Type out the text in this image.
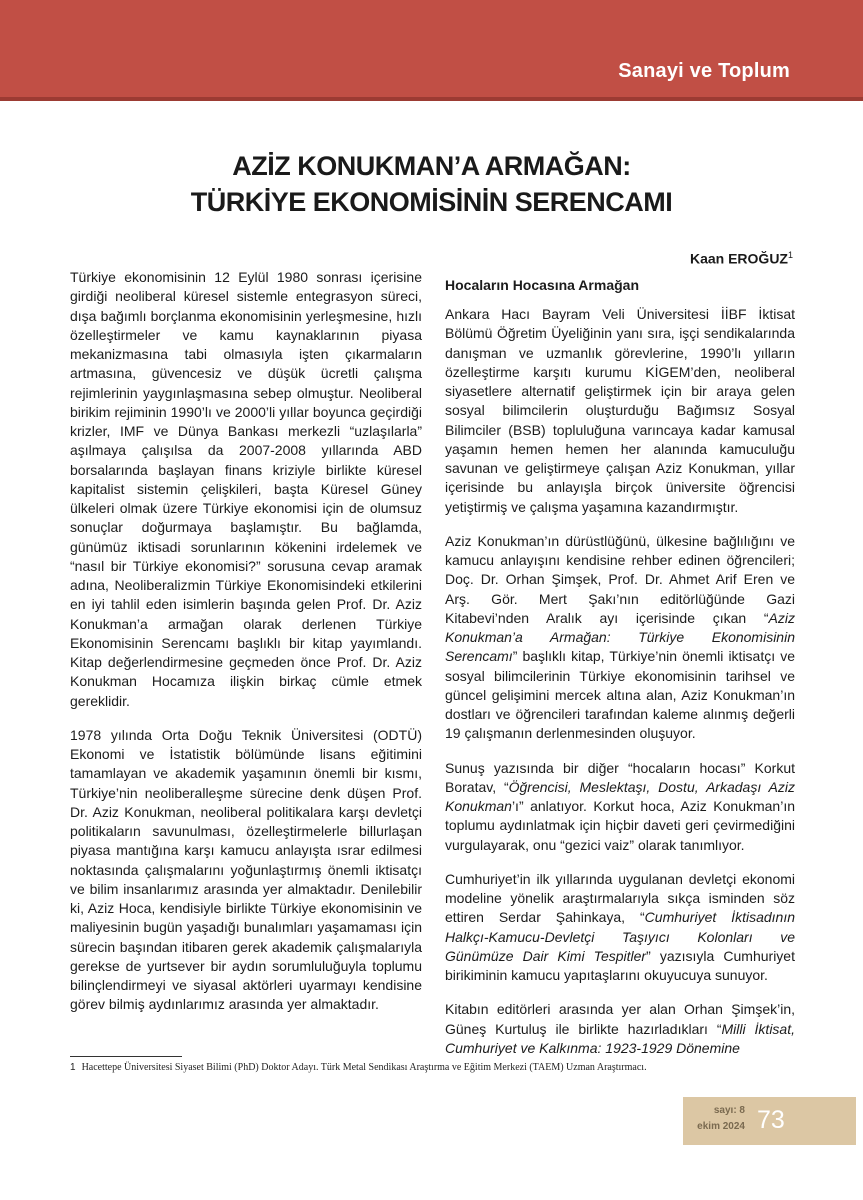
Sanayi ve Toplum
AZİZ KONUKMAN’A ARMAĞAN:
TÜRKİYE EKONOMİSİNİN SERENCAMI
Kaan EROĞUZ$^1$

Türkiye ekonomisinin 12 Eylül 1980 sonrası içerisine girdiği neoliberal küresel sistemle entegrasyon süreci, dışa bağımlı borçlanma ekonomisinin yerleşmesine, hızlı özelleştirmeler ve kamu kaynaklarının piyasa mekanizmasına tabi olmasıyla işten çıkarmaların artmasına, güvencesiz ve düşük ücretli çalışma rejimlerinin yaygınlaşmasına sebep olmuştur. Neoliberal birikim rejiminin 1990’lı ve 2000’li yıllar boyunca geçirdiği krizler, IMF ve Dünya Bankası merkezli “uzlaşılarla” aşılmaya çalışılsa da 2007-2008 yıllarında ABD borsalarında başlayan finans kriziyle birlikte küresel kapitalist sistemin çelişkileri, başta Küresel Güney ülkeleri olmak üzere Türkiye ekonomisi için de olumsuz sonuçlar doğurmaya başlamıştır. Bu bağlamda, günümüz iktisadi sorunlarının kökenini irdelemek ve “nasıl bir Türkiye ekonomisi?” sorusuna cevap aramak adına, Neoliberalizmin Türkiye Ekonomisindeki etkilerini en iyi tahlil eden isimlerin başında gelen Prof. Dr. Aziz Konukman’a armağan olarak derlenen Türkiye Ekonomisinin Serencamı başlıklı bir kitap yayımlandı. Kitap değerlendirmesine geçmeden önce Prof. Dr. Aziz Konukman Hocamıza ilişkin birkaç cümle etmek gereklidir.

1978 yılında Orta Doğu Teknik Üniversitesi (ODTÜ) Ekonomi ve İstatistik bölümünde lisans eğitimini tamamlayan ve akademik yaşamının önemli bir kısmı, Türkiye’nin neoliberalleşme sürecine denk düşen Prof. Dr. Aziz Konukman, neoliberal politikalara karşı devletçi politikaların savunulması, özelleştirmelerle billurlaşan piyasa mantığına karşı kamucu anlayışta ısrar edilmesi noktasında çalışmalarını yoğunlaştırmış önemli iktisatçı ve bilim insanlarımız arasında yer almaktadır. Denilebilir ki, Aziz Hoca, kendisiyle birlikte Türkiye ekonomisinin ve maliyesinin bugün yaşadığı bunalımları yaşamaması için sürecin başından itibaren gerek akademik çalışmalarıyla gerekse de yurtsever bir aydın sorumluluğuyla toplumu bilinçlendirmeyi ve siyasal aktörleri uyarmayı kendisine görev bilmiş aydınlarımız arasında yer almaktadır.

Hocaların Hocasına Armağan

Ankara Hacı Bayram Veli Üniversitesi İİBF İktisat Bölümü Öğretim Üyeliğinin yanı sıra, işçi sendikalarında danışman ve uzmanlık görevlerine, 1990’lı yılların özelleştirme karşıtı kurumu KİGEM’den, neoliberal siyasetlere alternatif geliştirmek için bir araya gelen sosyal bilimcilerin oluşturduğu Bağımsız Sosyal Bilimciler (BSB) topluluğuna varıncaya kadar kamusal yaşamın hemen hemen her alanında kamuculuğu savunan ve geliştirmeye çalışan Aziz Konukman, yıllar içerisinde bu anlayışla birçok üniversite öğrencisi yetiştirmiş ve çalışma yaşamına kazandırmıştır.

Aziz Konukman’ın dürüstlüğünü, ülkesine bağlılığını ve kamucu anlayışını kendisine rehber edinen öğrencileri; Doç. Dr. Orhan Şimşek, Prof. Dr. Ahmet Arif Eren ve Arş. Gör. Mert Şakı’nın editörlüğünde Gazi Kitabevi’nden Aralık ayı içerisinde çıkan “Aziz Konukman’a Armağan: Türkiye Ekonomisinin Serencamı” başlıklı kitap, Türkiye’nin önemli iktisatçı ve sosyal bilimcilerinin Türkiye ekonomisinin tarihsel ve güncel gelişimini mercek altına alan, Aziz Konukman’ın dostları ve öğrencileri tarafından kaleme alınmış değerli 19 çalışmanın derlenmesinden oluşuyor.

Sunuş yazısında bir diğer “hocaların hocası” Korkut Boratav, “Öğrencisi, Meslektaşı, Dostu, Arkadaşı Aziz Konukman’ı” anlatıyor. Korkut hoca, Aziz Konukman’ın toplumu aydınlatmak için hiçbir daveti geri çevirmediğini vurgulayarak, onu “gezici vaiz” olarak tanımlıyor.

Cumhuriyet’in ilk yıllarında uygulanan devletçi ekonomi modeline yönelik araştırmalarıyla sıkça isminden söz ettiren Serdar Şahinkaya, “Cumhuriyet İktisadının Halkçı-Kamucu-Devletçi Taşıyıcı Kolonları ve Günümüze Dair Kimi Tespitler” yazısıyla Cumhuriyet birikiminin kamucu yapıtaşlarını okuyucuya sunuyor.

Kitabın editörleri arasında yer alan Orhan Şimşek’in, Güneş Kurtuluş ile birlikte hazırladıkları “Milli İktisat, Cumhuriyet ve Kalkınma: 1923-1929 Dönemine

1 Hacettepe Üniversitesi Siyaset Bilimi (PhD) Doktor Adayı. Türk Metal Sendikası Araştırma ve Eğitim Merkezi (TAEM) Uzman Araştırmacı.
sayı: 8
ekim 2024 73
